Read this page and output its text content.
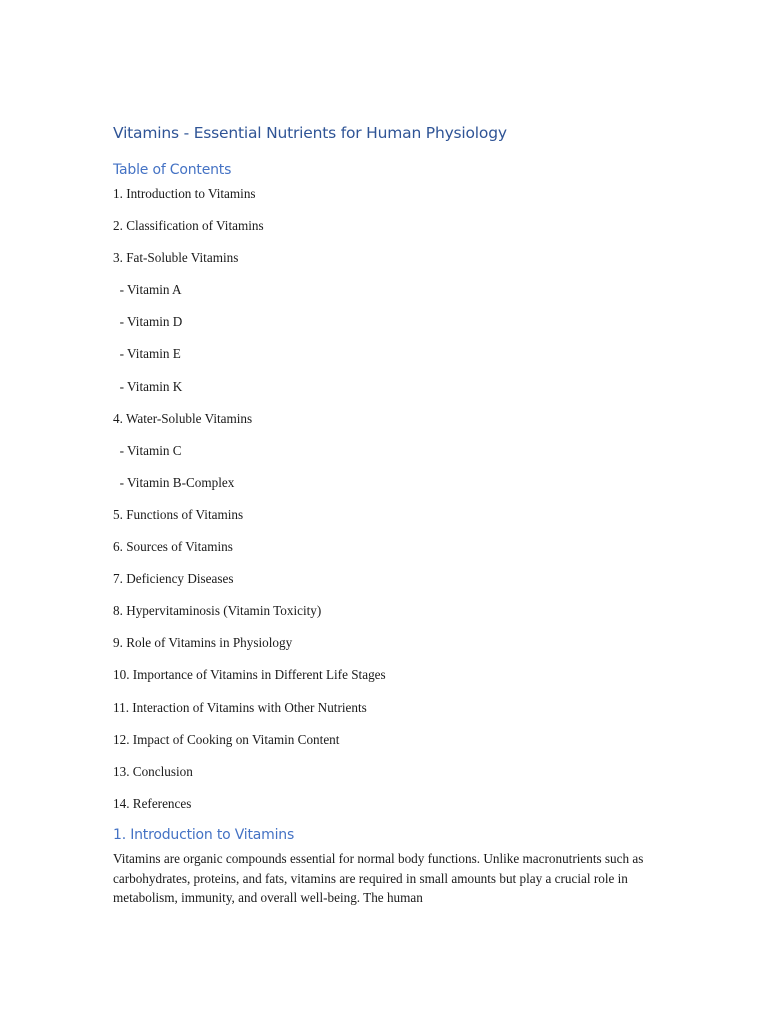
Vitamins - Essential Nutrients for Human Physiology
Table of Contents
1. Introduction to Vitamins
2. Classification of Vitamins
3. Fat-Soluble Vitamins
- Vitamin A
- Vitamin D
- Vitamin E
- Vitamin K
4. Water-Soluble Vitamins
- Vitamin C
- Vitamin B-Complex
5. Functions of Vitamins
6. Sources of Vitamins
7. Deficiency Diseases
8. Hypervitaminosis (Vitamin Toxicity)
9. Role of Vitamins in Physiology
10. Importance of Vitamins in Different Life Stages
11. Interaction of Vitamins with Other Nutrients
12. Impact of Cooking on Vitamin Content
13. Conclusion
14. References
1. Introduction to Vitamins

Vitamins are organic compounds essential for normal body functions. Unlike macronutrients such as carbohydrates, proteins, and fats, vitamins are required in small amounts but play a crucial role in metabolism, immunity, and overall well-being. The human
